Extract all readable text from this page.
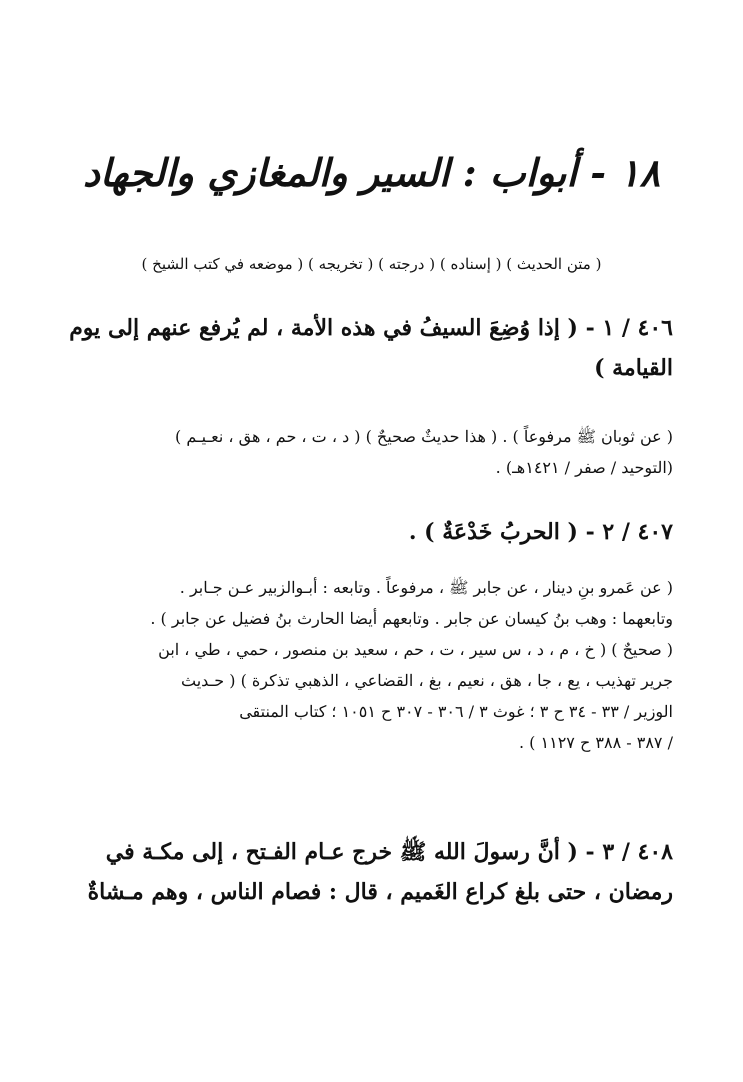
١٨ - أبواب : السير والمغازي والجهاد
( متن الحديث ) ( إسناده ) ( درجته ) ( تخريجه ) ( موضعه في كتب الشيخ )
٤٠٦ / ١ - ( إذا وُضِعَ السيفُ في هذه الأمة ، لم يُرفع عنهم إلى يوم
القيامة )
( عن ثوبان ﷺ مرفوعاً ) . ( هذا حديثٌ صحيحٌ ) ( د ، ت ، حم ، هق ، نعـيـم )
(التوحيد / صفر / ١٤٢١هـ) .
٤٠٧ / ٢ - ( الحربُ خَدْعَةٌ ) .
( عن عَمرو بنِ دينار ، عن جابر ﷺ ، مرفوعاً . وتابعه : أبـوالزبير عـن جـابر .
وتابعهما : وهب بنُ كيسان عن جابر . وتابعهم أيضا الحارث بنُ فضيل عن جابر ) .
( صحيحٌ ) ( خ ، م ، د ، س سير ، ت ، حم ، سعيد بن منصور ، حمي ، طي ، ابن
جرير تهذيب ، يع ، جا ، هق ، نعيم ، بغ ، القضاعي ، الذهبي تذكرة ) ( حـديث
الوزير / ٣٣ - ٣٤ ح ٣ ؛ غوث ٣ / ٣٠٦ - ٣٠٧ ح ١٠٥١ ؛ كتاب المنتقى
/ ٣٨٧ - ٣٨٨ ح ١١٢٧ ) .
٤٠٨ / ٣ - ( أنَّ رسولَ الله ﷺ خرج عـام الفـتح ، إلى مكـة في
رمضان ، حتى بلغ كراع الغَميم ، قال : فصام الناس ، وهم مـشاةٌ
